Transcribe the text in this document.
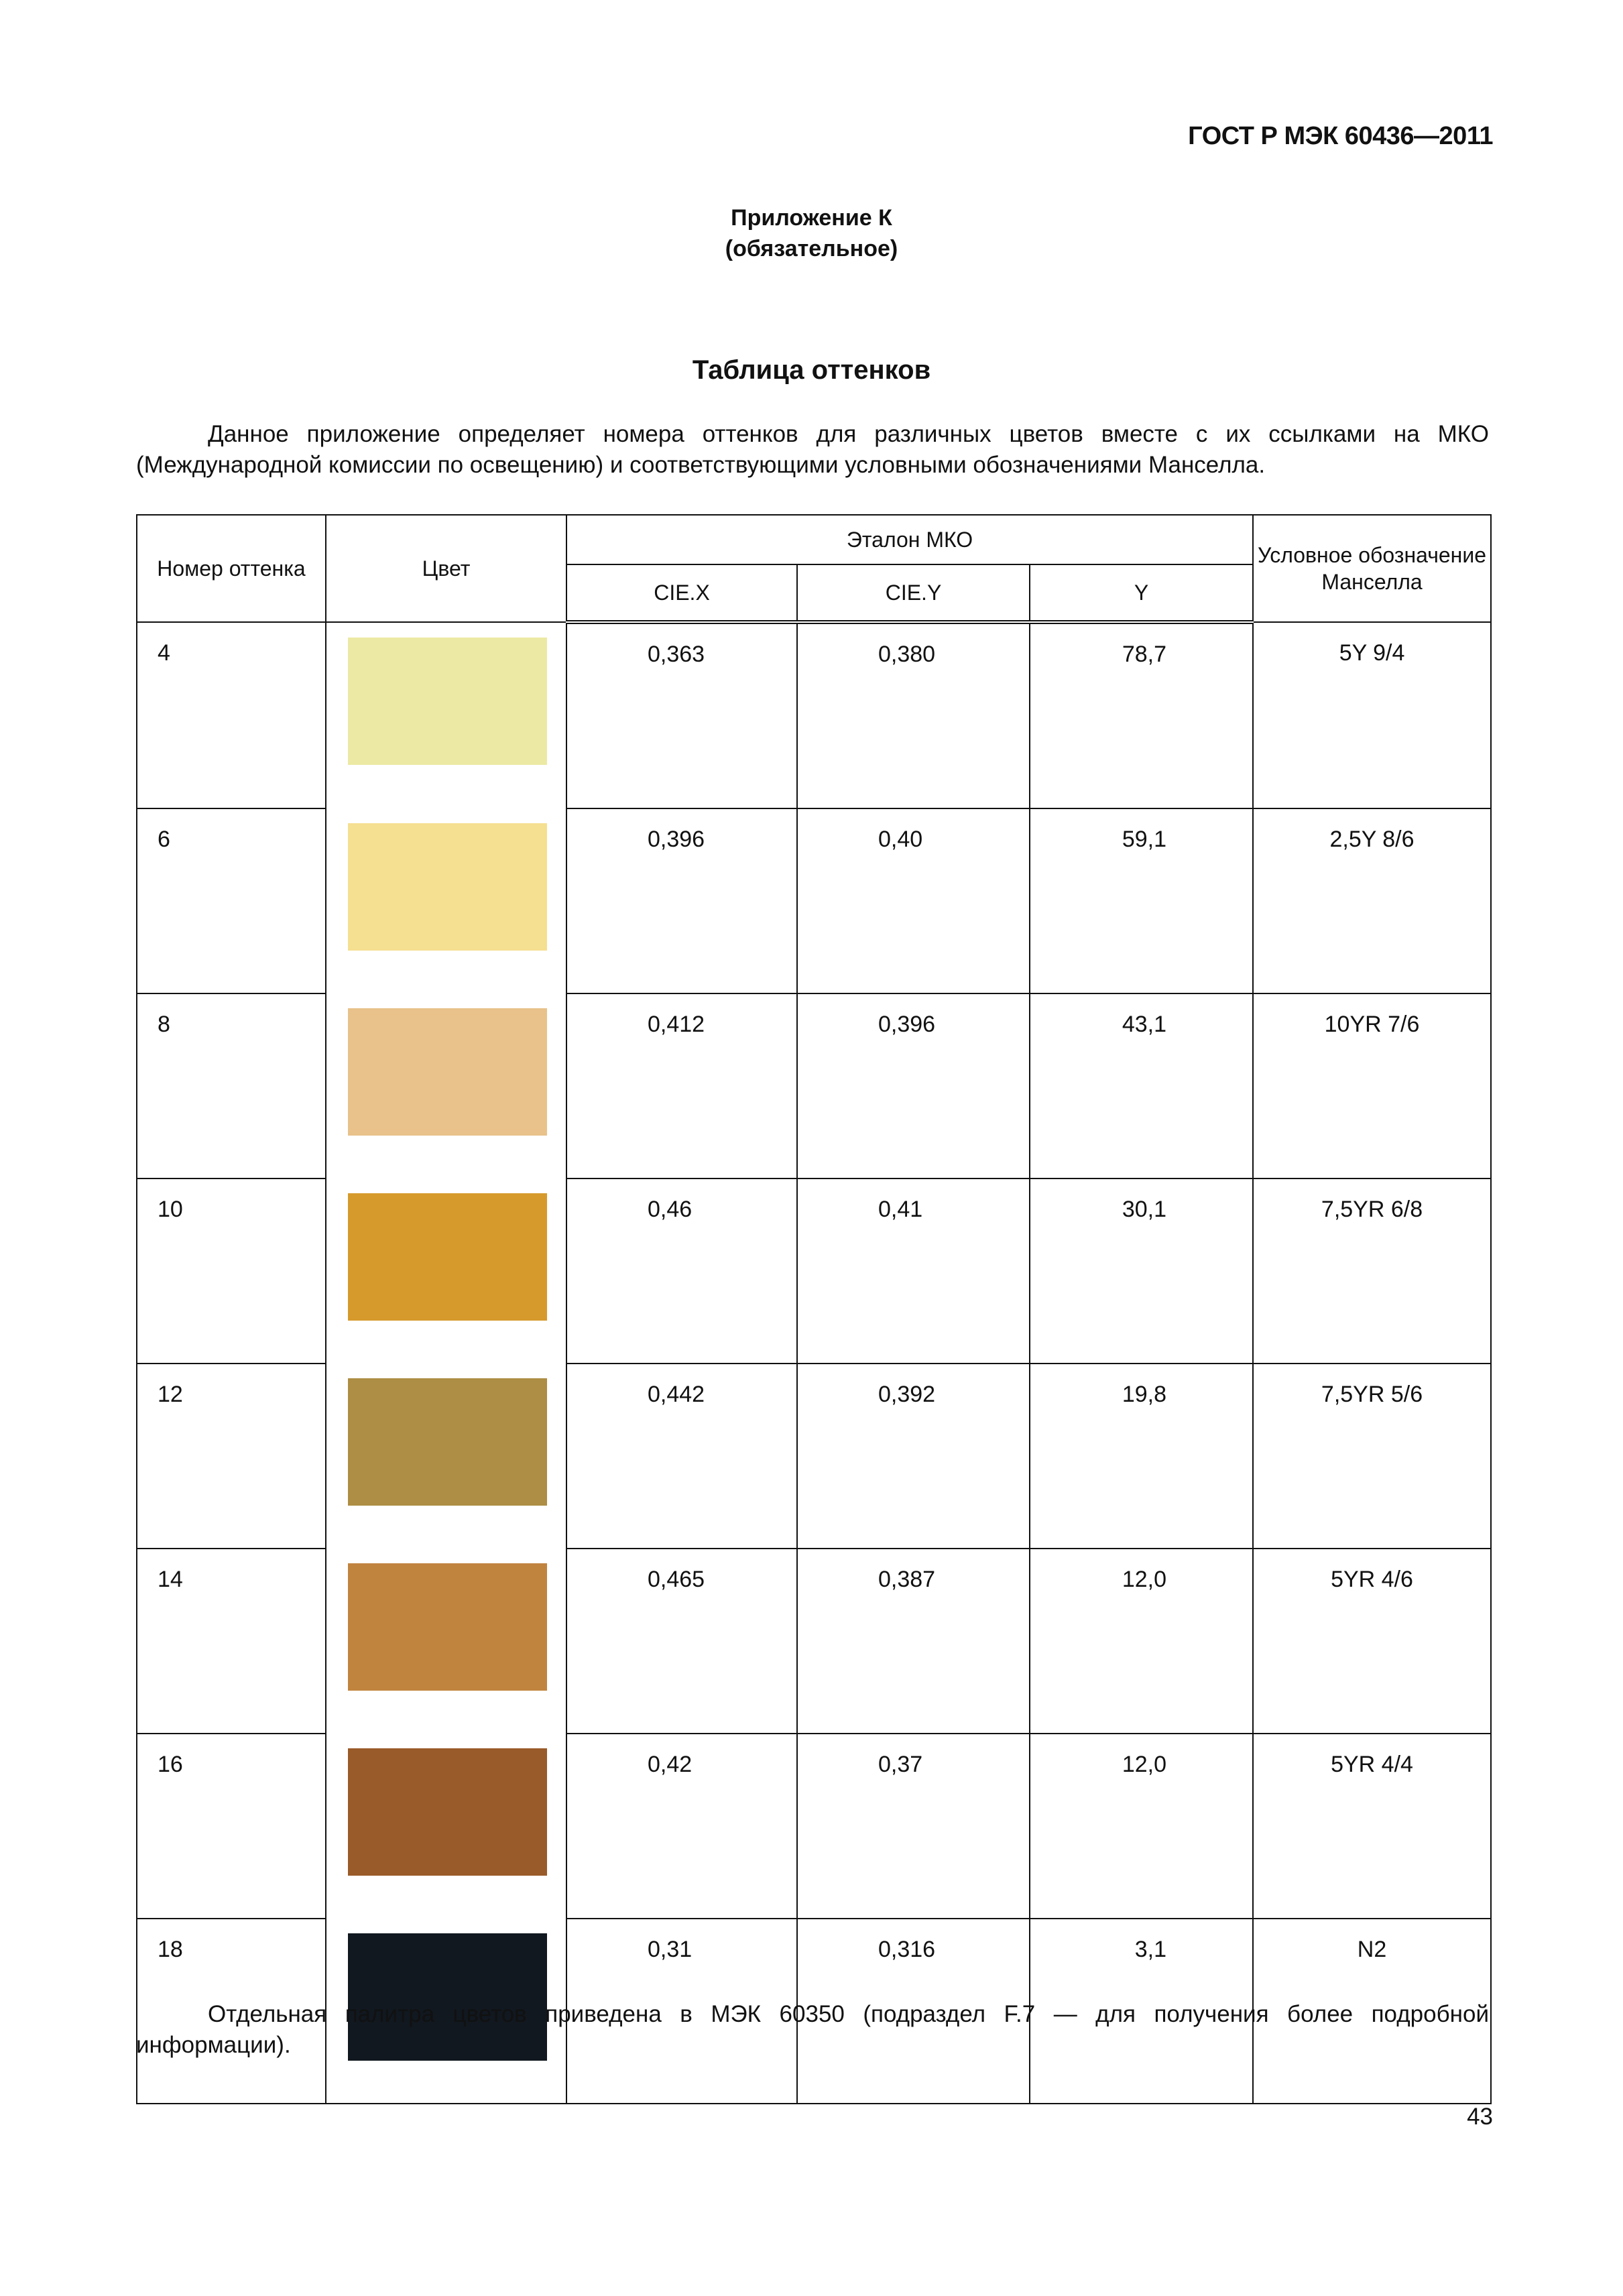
ГОСТ Р МЭК 60436—2011
Приложение К
(обязательное)
Таблица оттенков
Данное приложение определяет номера оттенков для различных цветов вместе с их ссылками на МКО (Международной комиссии по освещению) и соответствующими условными обозначениями Манселла.
Номер оттенка	Цвет	Эталон МКО			Условное обозначение Манселла
		CIE.X	CIE.Y	Y	
4		0,363	0,380	78,7	5Y 9/4
6		0,396	0,40	59,1	2,5Y 8/6
8		0,412	0,396	43,1	10YR 7/6
10		0,46	0,41	30,1	7,5YR 6/8
12		0,442	0,392	19,8	7,5YR 5/6
14		0,465	0,387	12,0	5YR 4/6
16		0,42	0,37	12,0	5YR 4/4
18		0,31	0,316	3,1	N2
Отдельная палитра цветов приведена в МЭК 60350 (подраздел F.7 — для получения более подробной информации).
43
